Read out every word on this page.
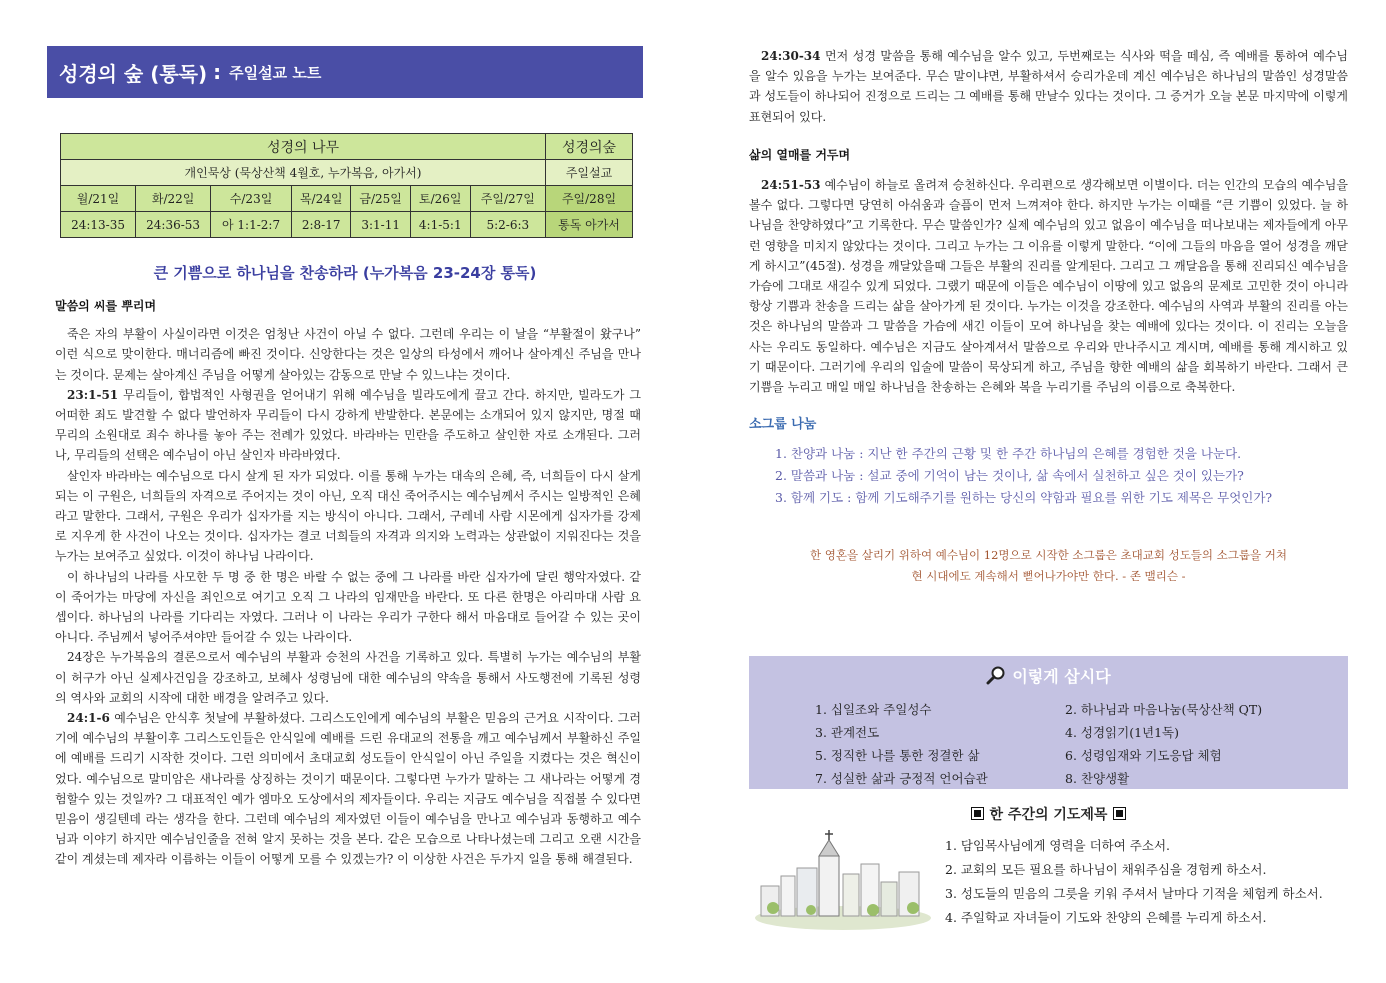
성경의 숲 (통독) : 주일설교 노트
성경의 나무							성경의숲
개인묵상 (묵상산책 4월호, 누가복음, 아가서)							주일설교
월/21일	화/22일	수/23일	목/24일	금/25일	토/26일	주일/27일	주일/28일
24:13-35	24:36-53	아 1:1-2:7	2:8-17	3:1-11	4:1-5:1	5:2-6:3	통독 아가서
큰 기쁨으로 하나님을 찬송하라 (누가복음 23-24장 통독)
말씀의 씨를 뿌리며

죽은 자의 부활이 사실이라면 이것은 엄청난 사건이 아닐 수 없다. 그런데 우리는 이 날을 “부활절이 왔구나” 이런 식으로 맞이한다. 매너리즘에 빠진 것이다. 신앙한다는 것은 일상의 타성에서 깨어나 살아계신 주님을 만나는 것이다. 문제는 살아계신 주님을 어떻게 살아있는 감동으로 만날 수 있느냐는 것이다.

23:1-51 무리들이, 합법적인 사형권을 얻어내기 위해 예수님을 빌라도에게 끌고 간다. 하지만, 빌라도가 그 어떠한 죄도 발견할 수 없다 발언하자 무리들이 다시 강하게 반발한다. 본문에는 소개되어 있지 않지만, 명절 때 무리의 소원대로 죄수 하나를 놓아 주는 전례가 있었다. 바라바는 민란을 주도하고 살인한 자로 소개된다. 그러나, 무리들의 선택은 예수님이 아닌 살인자 바라바였다.

살인자 바라바는 예수님으로 다시 살게 된 자가 되었다. 이를 통해 누가는 대속의 은혜, 즉, 너희들이 다시 살게 되는 이 구원은, 너희들의 자격으로 주어지는 것이 아닌, 오직 대신 죽어주시는 예수님께서 주시는 일방적인 은혜라고 말한다. 그래서, 구원은 우리가 십자가를 지는 방식이 아니다. 그래서, 구레네 사람 시몬에게 십자가를 강제로 지우게 한 사건이 나오는 것이다. 십자가는 결코 너희들의 자격과 의지와 노력과는 상관없이 지워진다는 것을 누가는 보여주고 싶었다. 이것이 하나님 나라이다.

이 하나님의 나라를 사모한 두 명 중 한 명은 바랄 수 없는 중에 그 나라를 바란 십자가에 달린 행악자였다. 같이 죽어가는 마당에 자신을 죄인으로 여기고 오직 그 나라의 임재만을 바란다. 또 다른 한명은 아리마대 사람 요셉이다. 하나님의 나라를 기다리는 자였다. 그러나 이 나라는 우리가 구한다 해서 마음대로 들어갈 수 있는 곳이 아니다. 주님께서 넣어주셔야만 들어갈 수 있는 나라이다.

24장은 누가복음의 결론으로서 예수님의 부활과 승천의 사건을 기록하고 있다. 특별히 누가는 예수님의 부활이 허구가 아닌 실제사건임을 강조하고, 보혜사 성령님에 대한 예수님의 약속을 통해서 사도행전에 기록된 성령의 역사와 교회의 시작에 대한 배경을 알려주고 있다.

24:1-6 예수님은 안식후 첫날에 부활하셨다. 그리스도인에게 예수님의 부활은 믿음의 근거요 시작이다. 그러기에 예수님의 부활이후 그리스도인들은 안식일에 예배를 드린 유대교의 전통을 깨고 예수님께서 부활하신 주일에 예배를 드리기 시작한 것이다. 그런 의미에서 초대교회 성도들이 안식일이 아닌 주일을 지켰다는 것은 혁신이었다. 예수님으로 말미암은 새나라를 상징하는 것이기 때문이다. 그렇다면 누가가 말하는 그 새나라는 어떻게 경험할수 있는 것일까? 그 대표적인 예가 엠마오 도상에서의 제자들이다. 우리는 지금도 예수님을 직접볼 수 있다면 믿음이 생길텐데 라는 생각을 한다. 그런데 예수님의 제자였던 이들이 예수님을 만나고 예수님과 동행하고 예수님과 이야기 하지만 예수님인줄을 전혀 알지 못하는 것을 본다. 같은 모습으로 나타나셨는데 그리고 오랜 시간을 같이 계셨는데 제자라 이름하는 이들이 어떻게 모를 수 있겠는가? 이 이상한 사건은 두가지 일을 통해 해결된다.

24:30-34 먼저 성경 말씀을 통해 예수님을 알수 있고, 두번째로는 식사와 떡을 떼심, 즉 예배를 통하여 예수님을 알수 있음을 누가는 보여준다. 무슨 말이냐면, 부활하셔서 승리가운데 계신 예수님은 하나님의 말씀인 성경말씀과 성도들이 하나되어 진정으로 드리는 그 예배를 통해 만날수 있다는 것이다. 그 증거가 오늘 본문 마지막에 이렇게 표현되어 있다.

삶의 열매를 거두며

24:51-53 예수님이 하늘로 올려져 승천하신다. 우리편으로 생각해보면 이별이다. 더는 인간의 모습의 예수님을 볼수 없다. 그렇다면 당연히 아쉬움과 슬픔이 먼저 느껴져야 한다. 하지만 누가는 이때를 “큰 기쁨이 있었다. 늘 하나님을 찬양하였다”고 기록한다. 무슨 말씀인가? 실제 예수님의 있고 없음이 예수님을 떠나보내는 제자들에게 아무런 영향을 미치지 않았다는 것이다. 그리고 누가는 그 이유를 이렇게 말한다. “이에 그들의 마음을 열어 성경을 깨닫게 하시고”(45절). 성경을 깨달았을때 그들은 부활의 진리를 알게된다. 그리고 그 깨달음을 통해 진리되신 예수님을 가슴에 그대로 새길수 있게 되었다. 그랬기 때문에 이들은 예수님이 이땅에 있고 없음의 문제로 고민한 것이 아니라 항상 기쁨과 찬송을 드리는 삶을 살아가게 된 것이다. 누가는 이것을 강조한다. 예수님의 사역과 부활의 진리를 아는 것은 하나님의 말씀과 그 말씀을 가슴에 새긴 이들이 모여 하나님을 찾는 예배에 있다는 것이다. 이 진리는 오늘을 사는 우리도 동일하다. 예수님은 지금도 살아계셔서 말씀으로 우리와 만나주시고 계시며, 예배를 통해 계시하고 있기 때문이다. 그러기에 우리의 입술에 말씀이 묵상되게 하고, 주님을 향한 예배의 삶을 회복하기 바란다. 그래서 큰 기쁨을 누리고 매일 매일 하나님을 찬송하는 은혜와 복을 누리기를 주님의 이름으로 축복한다.

소그룹 나눔
1. 찬양과 나눔 : 지난 한 주간의 근황 및 한 주간 하나님의 은혜를 경험한 것을 나눈다.
2. 말씀과 나눔 : 설교 중에 기억이 남는 것이나, 삶 속에서 실천하고 싶은 것이 있는가?
3. 함께 기도 : 함께 기도해주기를 원하는 당신의 약함과 필요를 위한 기도 제목은 무엇인가?
한 영혼을 살리기 위하여 예수님이 12명으로 시작한 소그룹은 초대교회 성도들의 소그룹을 거쳐
현 시대에도 계속해서 뻗어나가야만 한다. - 존 맬리슨 -
이렇게 삽시다
1. 십일조와 주일성수	2. 하나님과 마음나눔(묵상산책 QT)
3. 관계전도	4. 성경읽기(1년1독)
5. 정직한 나를 통한 정결한 삶	6. 성령임재와 기도응답 체험
7. 성실한 삶과 긍정적 언어습관	8. 찬양생활
한 주간의 기도제목
1. 담임목사님에게 영력을 더하여 주소서.
2. 교회의 모든 필요를 하나님이 채워주심을 경험케 하소서.
3. 성도들의 믿음의 그릇을 키워 주셔서 날마다 기적을 체험케 하소서.
4. 주일학교 자녀들이 기도와 찬양의 은혜를 누리게 하소서.
